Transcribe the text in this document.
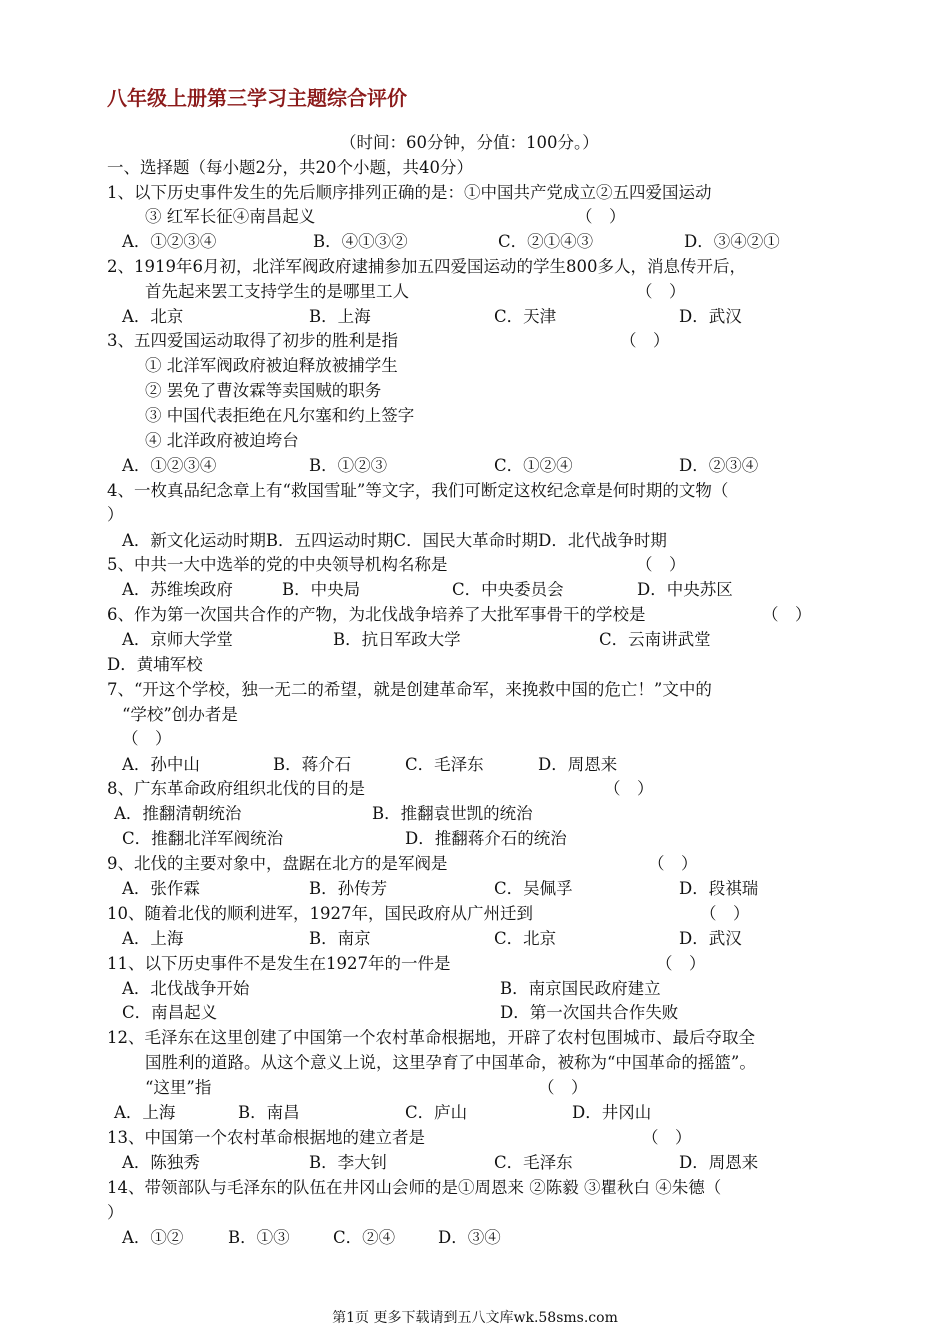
八年级上册第三学习主题综合评价
（时间：60分钟，分值：100分。）
一、选择题（每小题2分，共20个小题，共40分）
1、以下历史事件发生的先后顺序排列正确的是：①中国共产党成立②五四爱国运动
③ 红军长征④南昌起义	（　）
A．①②③④	B．④①③②	C．②①④③	D．③④②①
2、1919年6月初，北洋军阀政府逮捕参加五四爱国运动的学生800多人，消息传开后，
首先起来罢工支持学生的是哪里工人	（　）
A．北京	B．上海	C．天津	D．武汉
3、五四爱国运动取得了初步的胜利是指	（　）
① 北洋军阀政府被迫释放被捕学生
② 罢免了曹汝霖等卖国贼的职务
③ 中国代表拒绝在凡尔塞和约上签字
④ 北洋政府被迫垮台
A．①②③④	B．①②③	C．①②④	D．②③④
4、一枚真品纪念章上有“救国雪耻”等文字，我们可断定这枚纪念章是何时期的文物（
）
A．新文化运动时期B．五四运动时期C．国民大革命时期D．北代战争时期
5、中共一大中选举的党的中央领导机构名称是	（　）
A．苏维埃政府	B．中央局	C．中央委员会	D．中央苏区
6、作为第一次国共合作的产物，为北伐战争培养了大批军事骨干的学校是	（　）
A．京师大学堂	B．抗日军政大学	C．云南讲武堂
D．黄埔军校
7、“开这个学校，独一无二的希望，就是创建革命军，来挽救中国的危亡！”文中的
“学校”创办者是
（　）
A．孙中山	B．蒋介石	C．毛泽东	D．周恩来
8、广东革命政府组织北伐的目的是	（　）
A．推翻清朝统治	B．推翻袁世凯的统治
C．推翻北洋军阀统治	D．推翻蒋介石的统治
9、北伐的主要对象中，盘踞在北方的是军阀是	（　）
A．张作霖	B．孙传芳	C．吴佩孚	D．段祺瑞
10、随着北伐的顺利进军，1927年，国民政府从广州迁到	（　）
A．上海	B．南京	C．北京	D．武汉
11、以下历史事件不是发生在1927年的一件是	（　）
A．北伐战争开始	B．南京国民政府建立
C．南昌起义	D．第一次国共合作失败
12、毛泽东在这里创建了中国第一个农村革命根据地，开辟了农村包围城市、最后夺取全
国胜利的道路。从这个意义上说，这里孕育了中国革命，被称为“中国革命的摇篮”。
“这里”指	（　）
A．上海	B．南昌	C．庐山	D．井冈山
13、中国第一个农村革命根据地的建立者是	（　）
A．陈独秀	B．李大钊	C．毛泽东	D．周恩来
14、带领部队与毛泽东的队伍在井冈山会师的是①周恩来 ②陈毅 ③瞿秋白 ④朱德（
）
A．①②	B．①③	C．②④	D．③④
第1页 更多下载请到五八文库wk.58sms.com
